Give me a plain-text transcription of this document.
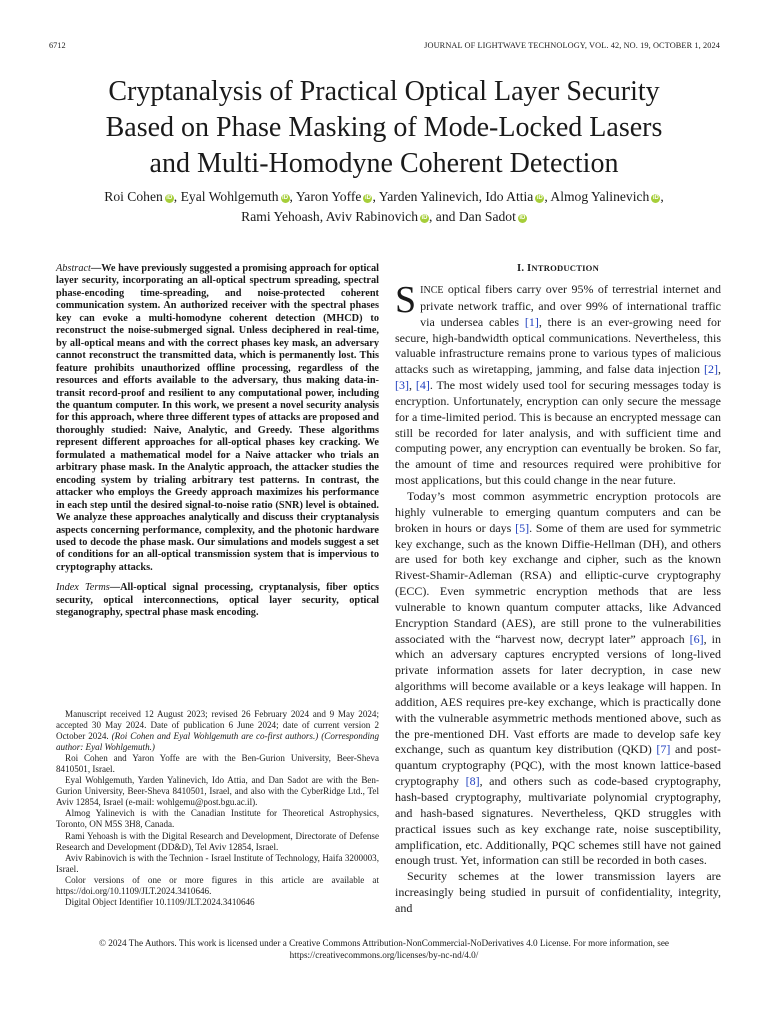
6712	JOURNAL OF LIGHTWAVE TECHNOLOGY, VOL. 42, NO. 19, OCTOBER 1, 2024
Cryptanalysis of Practical Optical Layer Security
Based on Phase Masking of Mode-Locked Lasers
and Multi-Homodyne Coherent Detection
Roi Cohen iD , Eyal Wohlgemuth iD , Yaron Yoffe iD , Yarden Yalinevich, Ido Attia iD , Almog Yalinevich iD ,
Rami Yehoash, Aviv Rabinovich iD , and Dan Sadot iD

Abstract—We have previously suggested a promising approach for optical layer security, incorporating an all-optical spectrum spreading, spectral phase-encoding time-spreading, and noise-protected coherent communication system. An authorized receiver with the spectral phases key can evoke a multi-homodyne coherent detection (MHCD) to reconstruct the noise-submerged signal. Unless deciphered in real-time, by all-optical means and with the correct phases key mask, an adversary cannot reconstruct the transmitted data, which is permanently lost. This feature prohibits unauthorized offline processing, regardless of the resources and efforts available to the adversary, thus making data-in-transit record-proof and resilient to any computational power, including the quantum computer. In this work, we present a novel security analysis for this approach, where three different types of attacks are proposed and thoroughly studied: Naive, Analytic, and Greedy. These algorithms represent different approaches for all-optical phases key cracking. We formulated a mathematical model for a Naive attacker who trials an arbitrary phase mask. In the Analytic approach, the attacker studies the encoding system by trialing arbitrary test patterns. In contrast, the attacker who employs the Greedy approach maximizes his performance in each step until the desired signal-to-noise ratio (SNR) level is obtained. We analyze these approaches analytically and discuss their cryptanalysis aspects concerning performance, complexity, and the photonic hardware used to decode the phase mask. Our simulations and models suggest a set of conditions for an all-optical transmission system that is impervious to cryptography attacks.

Index Terms—All-optical signal processing, cryptanalysis, fiber optics security, optical interconnections, optical layer security, optical steganography, spectral phase mask encoding.

Manuscript received 12 August 2023; revised 26 February 2024 and 9 May 2024; accepted 30 May 2024. Date of publication 6 June 2024; date of current version 2 October 2024. (Roi Cohen and Eyal Wohlgemuth are co-first authors.) (Corresponding author: Eyal Wohlgemuth.)

Roi Cohen and Yaron Yoffe are with the Ben-Gurion University, Beer-Sheva 8410501, Israel.

Eyal Wohlgemuth, Yarden Yalinevich, Ido Attia, and Dan Sadot are with the Ben-Gurion University, Beer-Sheva 8410501, Israel, and also with the CyberRidge Ltd., Tel Aviv 12854, Israel (e-mail: wohlgemu@post.bgu.ac.il).

Almog Yalinevich is with the Canadian Institute for Theoretical Astrophysics, Toronto, ON M5S 3H8, Canada.

Rami Yehoash is with the Digital Research and Development, Directorate of Defense Research and Development (DD&D), Tel Aviv 12854, Israel.

Aviv Rabinovich is with the Technion - Israel Institute of Technology, Haifa 3200003, Israel.

Color versions of one or more figures in this article are available at https://doi.org/10.1109/JLT.2024.3410646.

Digital Object Identifier 10.1109/JLT.2024.3410646

I. INTRODUCTION

SINCE optical fibers carry over 95% of terrestrial internet and private network traffic, and over 99% of international traffic via undersea cables [1], there is an ever-growing need for secure, high-bandwidth optical communications. Nevertheless, this valuable infrastructure remains prone to various types of malicious attacks such as wiretapping, jamming, and false data injection [2], [3], [4]. The most widely used tool for securing messages today is encryption. Unfortunately, encryption can only secure the message for a time-limited period. This is because an encrypted message can still be recorded for later analysis, and with sufficient time and computing power, any encryption can eventually be broken. So far, the amount of time and resources required were prohibitive for most applications, but this could change in the near future.

Today’s most common asymmetric encryption protocols are highly vulnerable to emerging quantum computers and can be broken in hours or days [5]. Some of them are used for symmetric key exchange, such as the known Diffie-Hellman (DH), and others are used for both key exchange and cipher, such as the known Rivest-Shamir-Adleman (RSA) and elliptic-curve cryptography (ECC). Even symmetric encryption methods that are less vulnerable to known quantum computer attacks, like Advanced Encryption Standard (AES), are still prone to the vulnerabilities associated with the “harvest now, decrypt later” approach [6], in which an adversary captures encrypted versions of long-lived private information assets for later decryption, in case new algorithms will become available or a keys leakage will happen. In addition, AES requires pre-key exchange, which is practically done with the vulnerable asymmetric methods mentioned above, such as the pre-mentioned DH. Vast efforts are made to develop safe key exchange, such as quantum key distribution (QKD) [7] and post-quantum cryptography (PQC), with the most known lattice-based cryptography [8], and others such as code-based cryptography, hash-based cryptography, multivariate polynomial cryptography, and hash-based signatures. Nevertheless, QKD struggles with practical issues such as key exchange rate, noise susceptibility, amplification, etc. Additionally, PQC schemes still have not gained enough trust. Yet, information can still be recorded in both cases.

Security schemes at the lower transmission layers are increasingly being studied in pursuit of confidentiality, integrity, and

© 2024 The Authors. This work is licensed under a Creative Commons Attribution-NonCommercial-NoDerivatives 4.0 License. For more information, see
https://creativecommons.org/licenses/by-nc-nd/4.0/
